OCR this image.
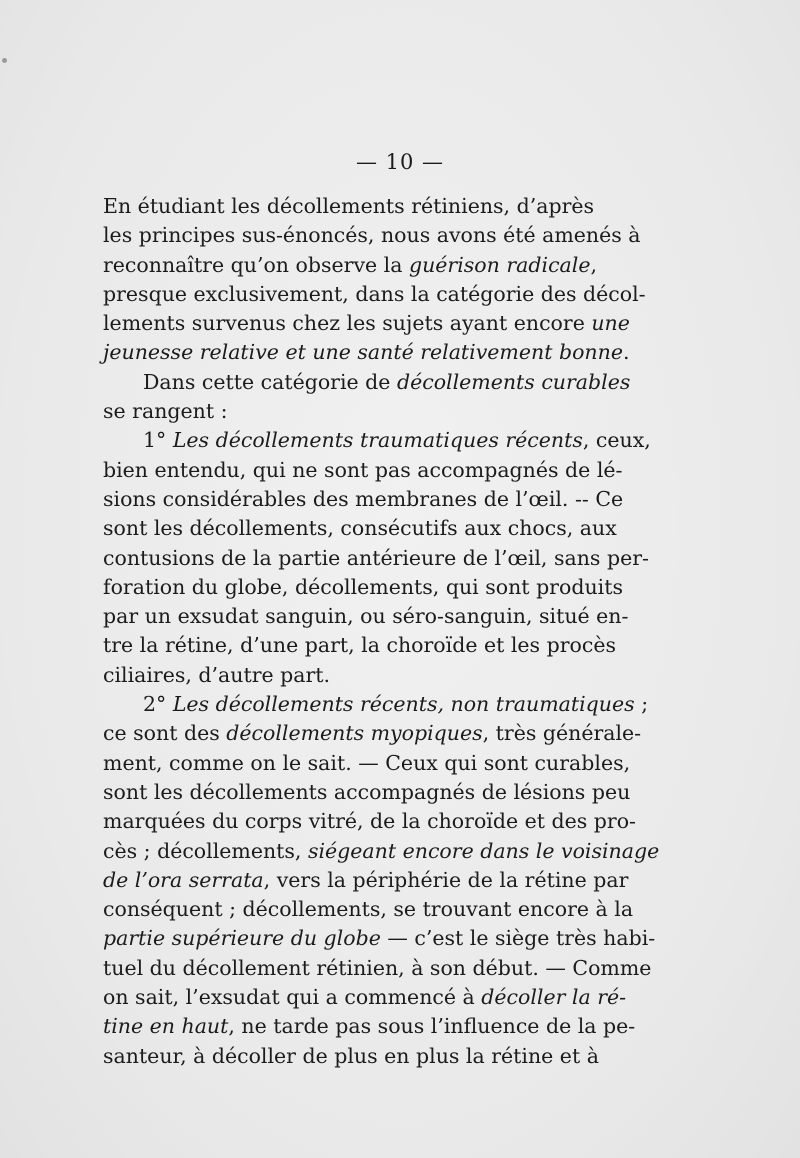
— 10 —
En étudiant les décollements rétiniens, d’après
les principes sus-énoncés, nous avons été amenés à
reconnaître qu’on observe la guérison radicale,
presque exclusivement, dans la catégorie des décol-
lements survenus chez les sujets ayant encore une
jeunesse relative et une santé relativement bonne.
Dans cette catégorie de décollements curables
se rangent :
1° Les décollements traumatiques récents, ceux,
bien entendu, qui ne sont pas accompagnés de lé-
sions considérables des membranes de l’œil. -- Ce
sont les décollements, consécutifs aux chocs, aux
contusions de la partie antérieure de l’œil, sans per-
foration du globe, décollements, qui sont produits
par un exsudat sanguin, ou séro-sanguin, situé en-
tre la rétine, d’une part, la choroïde et les procès
ciliaires, d’autre part.
2° Les décollements récents, non traumatiques ;
ce sont des décollements myopiques, très générale-
ment, comme on le sait. — Ceux qui sont curables,
sont les décollements accompagnés de lésions peu
marquées du corps vitré, de la choroïde et des pro-
cès ; décollements, siégeant encore dans le voisinage
de l’ora serrata, vers la périphérie de la rétine par
conséquent ; décollements, se trouvant encore à la
partie supérieure du globe — c’est le siège très habi-
tuel du décollement rétinien, à son début. — Comme
on sait, l’exsudat qui a commencé à décoller la ré-
tine en haut, ne tarde pas sous l’influence de la pe-
santeur, à décoller de plus en plus la rétine et à
